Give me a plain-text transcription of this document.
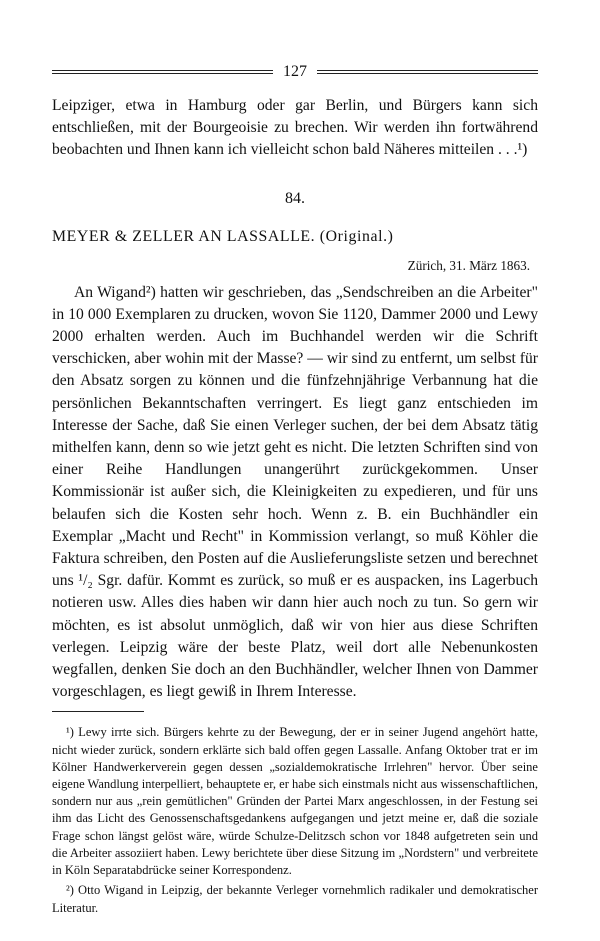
127

Leipziger, etwa in Hamburg oder gar Berlin, und Bürgers kann sich entschließen, mit der Bourgeoisie zu brechen. Wir werden ihn fortwährend beobachten und Ihnen kann ich vielleicht schon bald Näheres mitteilen . . .¹)

84.
MEYER & ZELLER AN LASSALLE. (Original.)
Zürich, 31. März 1863.

An Wigand²) hatten wir geschrieben, das „Sendschreiben an die Arbeiter" in 10 000 Exemplaren zu drucken, wovon Sie 1120, Dammer 2000 und Lewy 2000 erhalten werden. Auch im Buchhandel werden wir die Schrift verschicken, aber wohin mit der Masse? — wir sind zu entfernt, um selbst für den Absatz sorgen zu können und die fünfzehnjährige Verbannung hat die persönlichen Bekanntschaften verringert. Es liegt ganz entschieden im Interesse der Sache, daß Sie einen Verleger suchen, der bei dem Absatz tätig mithelfen kann, denn so wie jetzt geht es nicht. Die letzten Schriften sind von einer Reihe Handlungen unangerührt zurückgekommen. Unser Kommissionär ist außer sich, die Kleinigkeiten zu expedieren, und für uns belaufen sich die Kosten sehr hoch. Wenn z. B. ein Buchhändler ein Exemplar „Macht und Recht" in Kommission verlangt, so muß Köhler die Faktura schreiben, den Posten auf die Auslieferungsliste setzen und berechnet uns ¹/₂ Sgr. dafür. Kommt es zurück, so muß er es auspacken, ins Lagerbuch notieren usw. Alles dies haben wir dann hier auch noch zu tun. So gern wir möchten, es ist absolut unmöglich, daß wir von hier aus diese Schriften verlegen. Leipzig wäre der beste Platz, weil dort alle Nebenunkosten wegfallen, denken Sie doch an den Buchhändler, welcher Ihnen von Dammer vorgeschlagen, es liegt gewiß in Ihrem Interesse.

¹) Lewy irrte sich. Bürgers kehrte zu der Bewegung, der er in seiner Jugend angehört hatte, nicht wieder zurück, sondern erklärte sich bald offen gegen Lassalle. Anfang Oktober trat er im Kölner Handwerkerverein gegen dessen „sozialdemokratische Irrlehren" hervor. Über seine eigene Wandlung interpelliert, behauptete er, er habe sich einstmals nicht aus wissenschaftlichen, sondern nur aus „rein gemütlichen" Gründen der Partei Marx angeschlossen, in der Festung sei ihm das Licht des Genossenschaftsgedankens aufgegangen und jetzt meine er, daß die soziale Frage schon längst gelöst wäre, würde Schulze-Delitzsch schon vor 1848 aufgetreten sein und die Arbeiter assoziiert haben. Lewy berichtete über diese Sitzung im „Nordstern" und verbreitete in Köln Separatabdrücke seiner Korrespondenz.

²) Otto Wigand in Leipzig, der bekannte Verleger vornehmlich radikaler und demokratischer Literatur.
